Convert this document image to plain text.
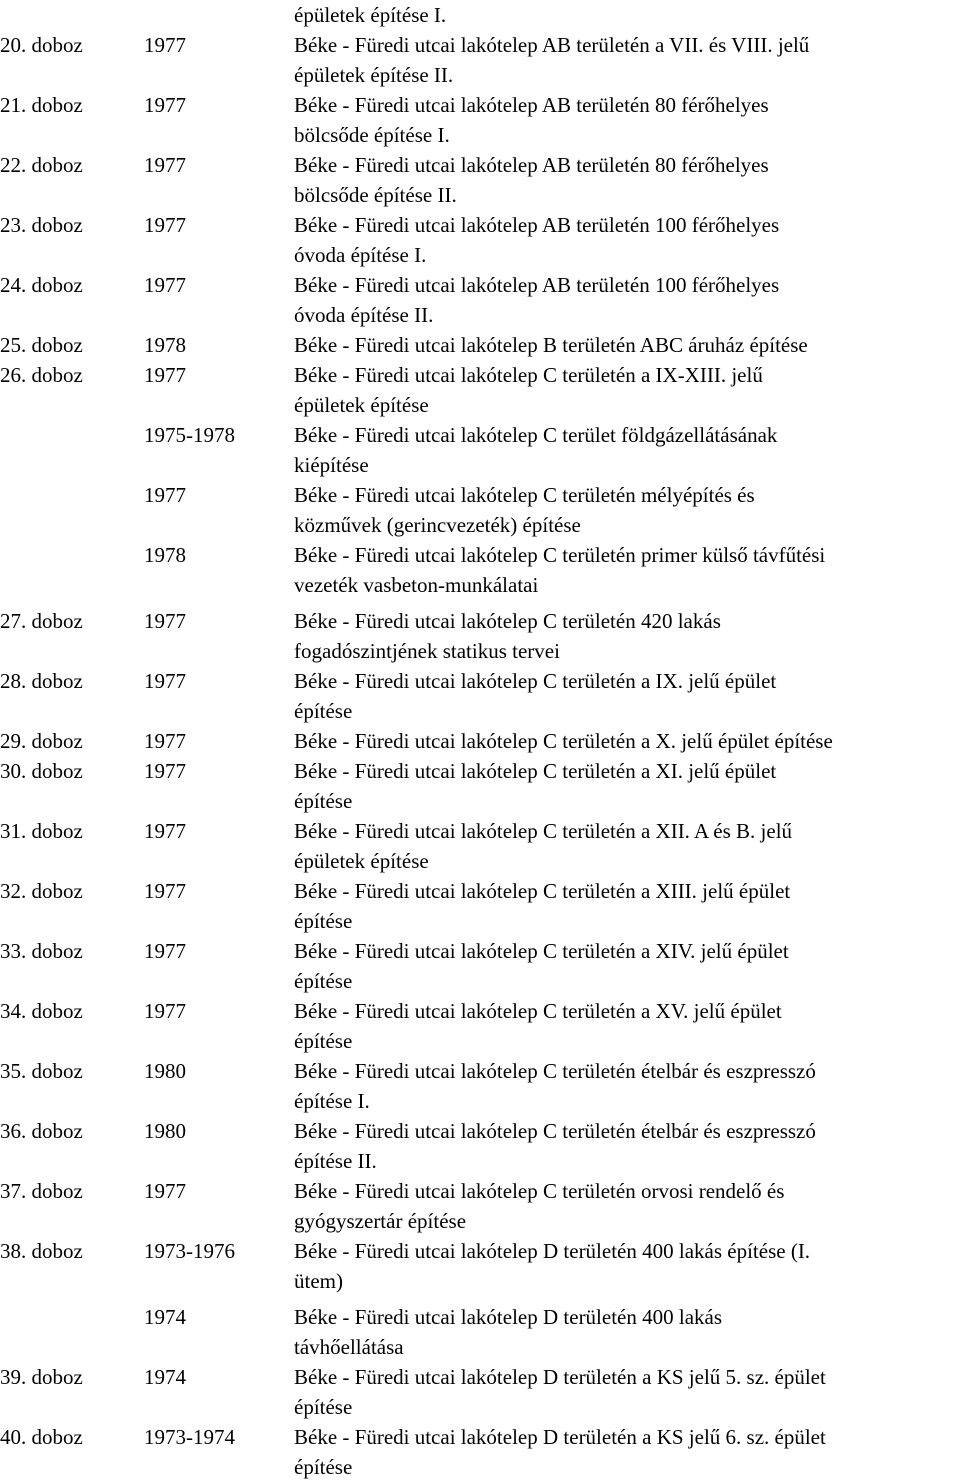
épületek építése I.
20. doboz	1977	Béke - Füredi utcai lakótelep AB területén a VII. és VIII. jelű
épületek építése II.
21. doboz	1977	Béke - Füredi utcai lakótelep AB területén 80 férőhelyes
bölcsőde építése I.
22. doboz	1977	Béke - Füredi utcai lakótelep AB területén 80 férőhelyes
bölcsőde építése II.
23. doboz	1977	Béke - Füredi utcai lakótelep AB területén 100 férőhelyes
óvoda építése I.
24. doboz	1977	Béke - Füredi utcai lakótelep AB területén 100 férőhelyes
óvoda építése II.
25. doboz	1978	Béke - Füredi utcai lakótelep B területén ABC áruház építése
26. doboz	1977	Béke - Füredi utcai lakótelep C területén a IX-XIII. jelű
épületek építése
1975-1978	Béke - Füredi utcai lakótelep C terület földgázellátásának
kiépítése
1977	Béke - Füredi utcai lakótelep C területén mélyépítés és
közművek (gerincvezeték) építése
1978	Béke - Füredi utcai lakótelep C területén primer külső távfűtési
vezeték vasbeton-munkálatai
27. doboz	1977	Béke - Füredi utcai lakótelep C területén 420 lakás
fogadószintjének statikus tervei
28. doboz	1977	Béke - Füredi utcai lakótelep C területén a IX. jelű épület
építése
29. doboz	1977	Béke - Füredi utcai lakótelep C területén a X. jelű épület építése
30. doboz	1977	Béke - Füredi utcai lakótelep C területén a XI. jelű épület
építése
31. doboz	1977	Béke - Füredi utcai lakótelep C területén a XII. A és B. jelű
épületek építése
32. doboz	1977	Béke - Füredi utcai lakótelep C területén a XIII. jelű épület
építése
33. doboz	1977	Béke - Füredi utcai lakótelep C területén a XIV. jelű épület
építése
34. doboz	1977	Béke - Füredi utcai lakótelep C területén a XV. jelű épület
építése
35. doboz	1980	Béke - Füredi utcai lakótelep C területén ételbár és eszpresszó
építése I.
36. doboz	1980	Béke - Füredi utcai lakótelep C területén ételbár és eszpresszó
építése II.
37. doboz	1977	Béke - Füredi utcai lakótelep C területén orvosi rendelő és
gyógyszertár építése
38. doboz	1973-1976	Béke - Füredi utcai lakótelep D területén 400 lakás építése (I.
ütem)
1974	Béke - Füredi utcai lakótelep D területén 400 lakás
távhőellátása
39. doboz	1974	Béke - Füredi utcai lakótelep D területén a KS jelű 5. sz. épület
építése
40. doboz	1973-1974	Béke - Füredi utcai lakótelep D területén a KS jelű 6. sz. épület
építése
